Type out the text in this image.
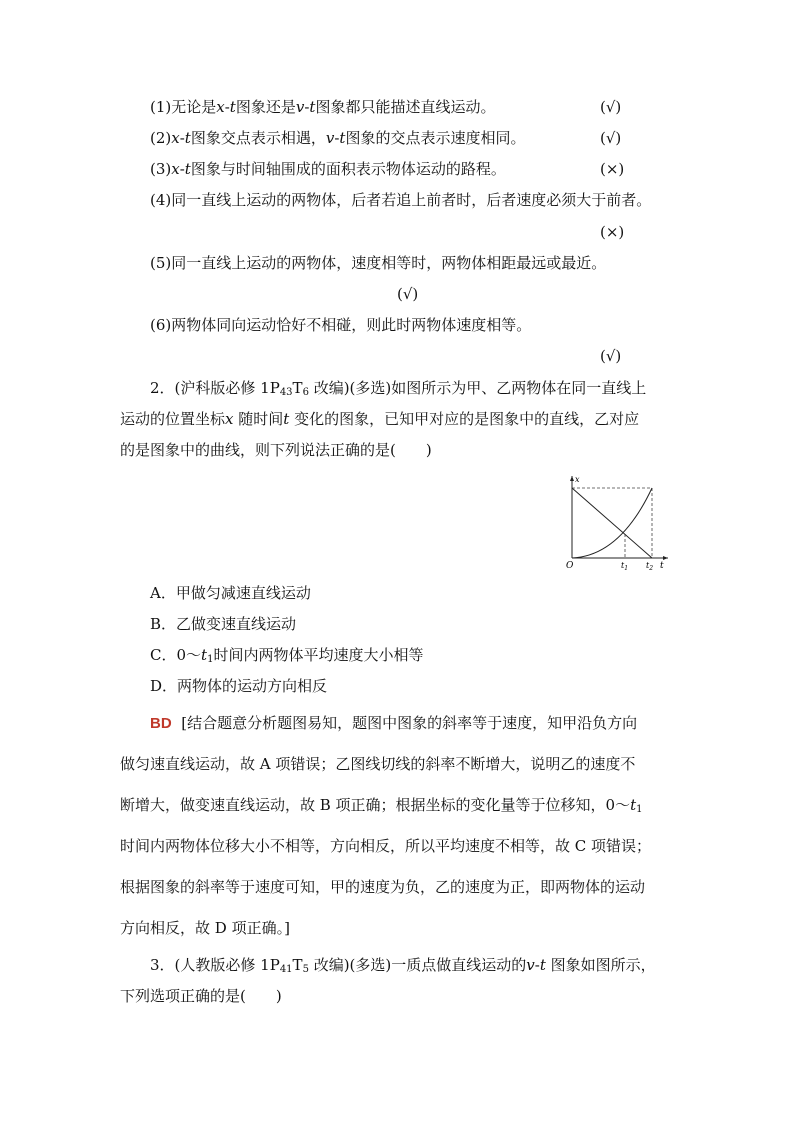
(1)无论是x-t图象还是v-t图象都只能描述直线运动。	(√)
(2)x-t图象交点表示相遇，v-t图象的交点表示速度相同。	(√)
(3)x-t图象与时间轴围成的面积表示物体运动的路程。	(×)
(4)同一直线上运动的两物体，后者若追上前者时，后者速度必须大于前者。
(×)
(5)同一直线上运动的两物体，速度相等时，两物体相距最远或最近。
(√)
(6)两物体同向运动恰好不相碰，则此时两物体速度相等。
(√)
2．(沪科版必修 $1P_{43}T_6$ 改编)(多选)如图所示为甲、乙两物体在同一直线上
运动的位置坐标x 随时间t 变化的图象，已知甲对应的是图象中的直线，乙对应
的是图象中的曲线，则下列说法正确的是(　　)
x
t
O	$t_1$ $t_2$
A．甲做匀减速直线运动
B．乙做变速直线运动
C．$0\sim t_1$时间内两物体平均速度大小相等
D．两物体的运动方向相反
BD [结合题意分析题图易知，题图中图象的斜率等于速度，知甲沿负方向
做匀速直线运动，故 A 项错误；乙图线切线的斜率不断增大，说明乙的速度不
断增大，做变速直线运动，故 B 项正确；根据坐标的变化量等于位移知，$0\sim t_1$
时间内两物体位移大小不相等，方向相反，所以平均速度不相等，故 C 项错误；
根据图象的斜率等于速度可知，甲的速度为负，乙的速度为正，即两物体的运动
方向相反，故 D 项正确。]
3．(人教版必修 $1P_{41}T_5$ 改编)(多选)一质点做直线运动的v-t 图象如图所示，
下列选项正确的是(　　)
